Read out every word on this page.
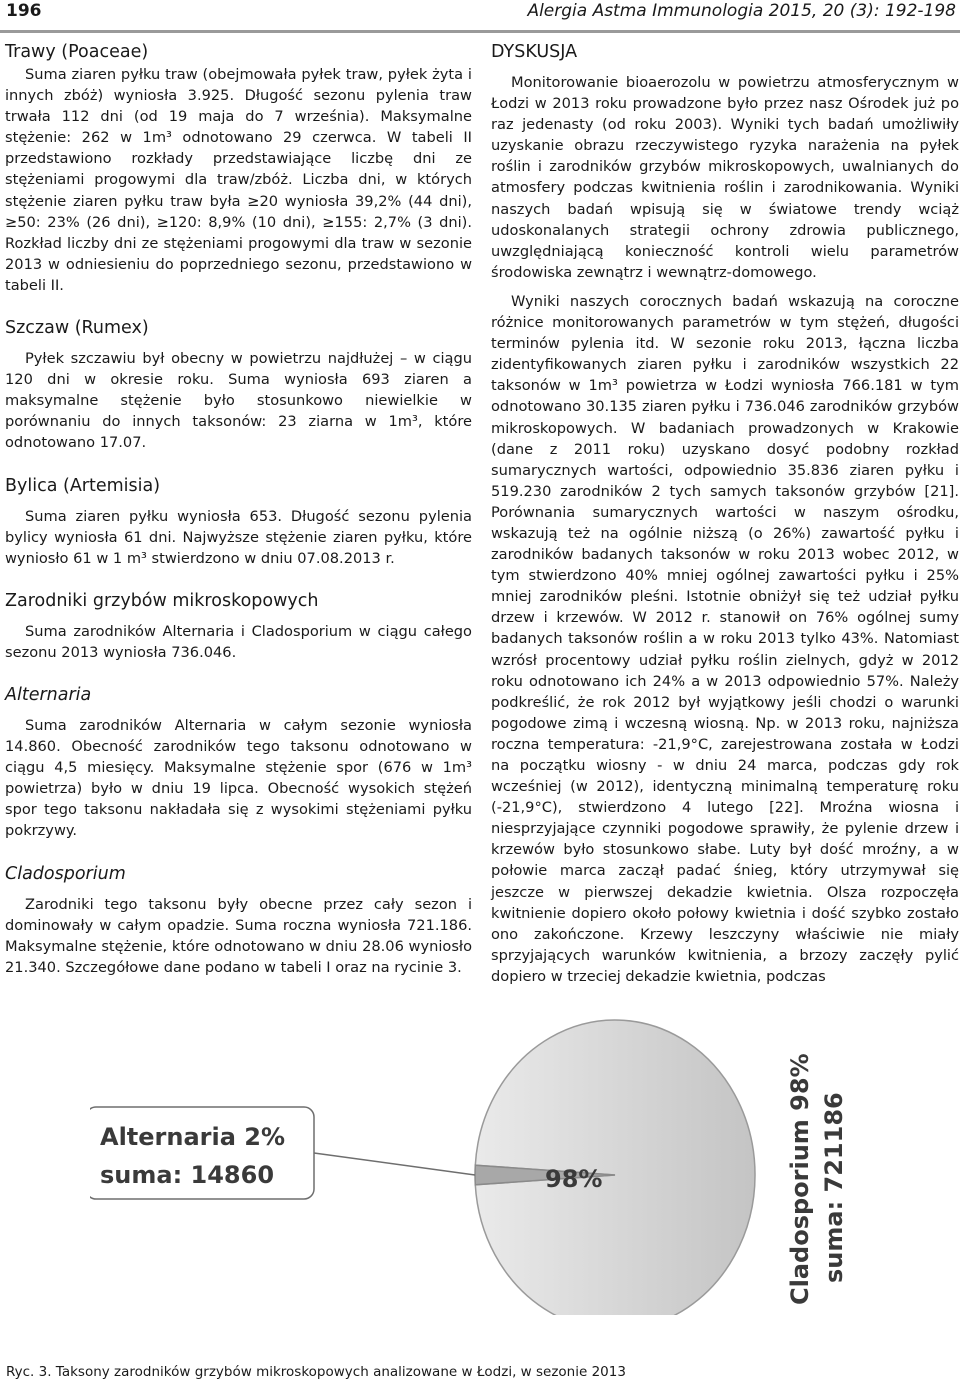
196	Alergia Astma Immunologia 2015, 20 (3): 192-198
Trawy (Poaceae)

Suma ziaren pyłku traw (obejmowała pyłek traw, pyłek żyta i innych zbóż) wyniosła 3.925. Długość sezonu pylenia traw trwała 112 dni (od 19 maja do 7 września). Maksymalne stężenie: 262 w 1m³ odnotowano 29 czerwca. W tabeli II przedstawiono rozkłady przedstawiające liczbę dni ze stężeniami progowymi dla traw/zbóż. Liczba dni, w których stężenie ziaren pyłku traw była ≥20 wyniosła 39,2% (44 dni), ≥50: 23% (26 dni), ≥120: 8,9% (10 dni), ≥155: 2,7% (3 dni). Rozkład liczby dni ze stężeniami progowymi dla traw w sezonie 2013 w odniesieniu do poprzedniego sezonu, przedstawiono w tabeli II.

Szczaw (Rumex)

Pyłek szczawiu był obecny w powietrzu najdłużej – w ciągu 120 dni w okresie roku. Suma wyniosła 693 ziaren a maksymalne stężenie było stosunkowo niewielkie w porównaniu do innych taksonów: 23 ziarna w 1m³, które odnotowano 17.07.

Bylica (Artemisia)

Suma ziaren pyłku wyniosła 653. Długość sezonu pylenia bylicy wyniosła 61 dni. Najwyższe stężenie ziaren pyłku, które wyniosło 61 w 1 m³ stwierdzono w dniu 07.08.2013 r.

Zarodniki grzybów mikroskopowych

Suma zarodników Alternaria i Cladosporium w ciągu całego sezonu 2013 wyniosła 736.046.

Alternaria

Suma zarodników Alternaria w całym sezonie wyniosła 14.860. Obecność zarodników tego taksonu odnotowano w ciągu 4,5 miesięcy. Maksymalne stężenie spor (676 w 1m³ powietrza) było w dniu 19 lipca. Obecność wysokich stężeń spor tego taksonu nakładała się z wysokimi stężeniami pyłku pokrzywy.

Cladosporium

Zarodniki tego taksonu były obecne przez cały sezon i dominowały w całym opadzie. Suma roczna wyniosła 721.186. Maksymalne stężenie, które odnotowano w dniu 28.06 wyniosło 21.340. Szczegółowe dane podano w tabeli I oraz na rycinie 3.

DYSKUSJA

Monitorowanie bioaerozolu w powietrzu atmosferycznym w Łodzi w 2013 roku prowadzone było przez nasz Ośrodek już po raz jedenasty (od roku 2003). Wyniki tych badań umożliwiły uzyskanie obrazu rzeczywistego ryzyka narażenia na pyłek roślin i zarodników grzybów mikroskopowych, uwalnianych do atmosfery podczas kwitnienia roślin i zarodnikowania. Wyniki naszych badań wpisują się w światowe trendy wciąż udoskonalanych strategii ochrony zdrowia publicznego, uwzględniającą konieczność kontroli wielu parametrów środowiska zewnątrz i wewnątrz-domowego.

Wyniki naszych corocznych badań wskazują na coroczne różnice monitorowanych parametrów w tym stężeń, długości terminów pylenia itd. W sezonie roku 2013, łączna liczba zidentyfikowanych ziaren pyłku i zarodników wszystkich 22 taksonów w 1m³ powietrza w Łodzi wyniosła 766.181 w tym odnotowano 30.135 ziaren pyłku i 736.046 zarodników grzybów mikroskopowych. W badaniach prowadzonych w Krakowie (dane z 2011 roku) uzyskano dosyć podobny rozkład sumarycznych wartości, odpowiednio 35.836 ziaren pyłku i 519.230 zarodników 2 tych samych taksonów grzybów [21]. Porównania sumarycznych wartości w naszym ośrodku, wskazują też na ogólnie niższą (o 26%) zawartość pyłku i zarodników badanych taksonów w roku 2013 wobec 2012, w tym stwierdzono 40% mniej ogólnej zawartości pyłku i 25% mniej zarodników pleśni. Istotnie obniżył się też udział pyłku drzew i krzewów. W 2012 r. stanowił on 76% ogólnej sumy badanych taksonów roślin a w roku 2013 tylko 43%. Natomiast wzrósł procentowy udział pyłku roślin zielnych, gdyż w 2012 roku odnotowano ich 24% a w 2013 odpowiednio 57%. Należy podkreślić, że rok 2012 był wyjątkowy jeśli chodzi o warunki pogodowe zimą i wczesną wiosną. Np. w 2013 roku, najniższa roczna temperatura: -21,9°C, zarejestrowana została w Łodzi na początku wiosny - w dniu 24 marca, podczas gdy rok wcześniej (w 2012), identyczną minimalną temperaturę roku (-21,9°C), stwierdzono 4 lutego [22]. Mroźna wiosna i niesprzyjające czynniki pogodowe sprawiły, że pylenie drzew i krzewów było stosunkowo słabe. Luty był dość mroźny, a w połowie marca zaczął padać śnieg, który utrzymywał się jeszcze w pierwszej dekadzie kwietnia. Olsza rozpoczęła kwitnienie dopiero około połowy kwietnia i dość szybko zostało ono zakończone. Krzewy leszczyny właściwie nie miały sprzyjających warunków kwitnienia, a brzozy zaczęły pylić dopiero w trzeciej dekadzie kwietnia, podczas

Alternaria 2%
suma: 14860	98%	Cladosporium 98% suma: 721186
Ryc. 3. Taksony zarodników grzybów mikroskopowych analizowane w Łodzi, w sezonie 2013
